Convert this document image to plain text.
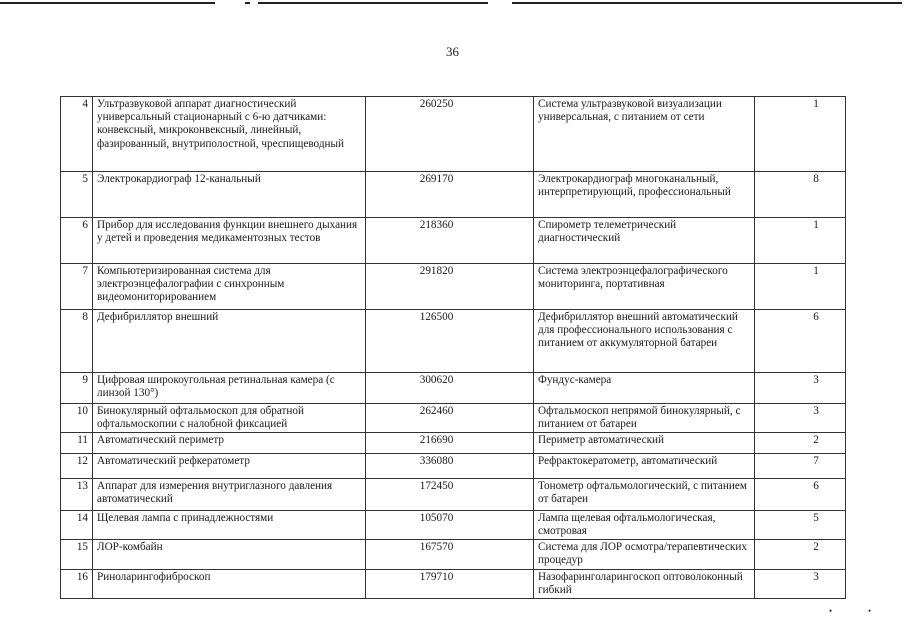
36
4	Ультразвуковой аппарат диагностический универсальный стационарный с 6-ю датчиками: конвексный, микроконвексный, линейный, фазированный, внутриполостной, чреспищеводный	260250	Система ультразвуковой визуализации универсальная, с питанием от сети	1
5	Электрокардиограф 12-канальный	269170	Электрокардиограф многоканальный, интерпретирующий, профессиональный	8
6	Прибор для исследования функции внешнего дыхания у детей и проведения медикаментозных тестов	218360	Спирометр телеметрический диагностический	1
7	Компьютеризированная система для электроэнцефалографии с синхронным видеомониторированием	291820	Система электроэнцефалографического мониторинга, портативная	1
8	Дефибриллятор внешний	126500	Дефибриллятор внешний автоматический для профессионального использования с питанием от аккумуляторной батареи	6
9	Цифровая широкоугольная ретинальная камера (с линзой 130°)	300620	Фундус-камера	3
10	Бинокулярный офтальмоскоп для обратной офтальмоскопии с налобной фиксацией	262460	Офтальмоскоп непрямой бинокулярный, с питанием от батареи	3
11	Автоматический периметр	216690	Периметр автоматический	2
12	Автоматический рефкератометр	336080	Рефрактокератометр, автоматический	7
13	Аппарат для измерения внутриглазного давления автоматический	172450	Тонометр офтальмологический, с питанием от батареи	6
14	Щелевая лампа с принадлежностями	105070	Лампа щелевая офтальмологическая, смотровая	5
15	ЛОР-комбайн	167570	Система для ЛОР осмотра/терапевтических процедур	2
16	Риноларингофиброскоп	179710	Назофаринголарингоскоп оптоволоконный гибкий	3
•	•
